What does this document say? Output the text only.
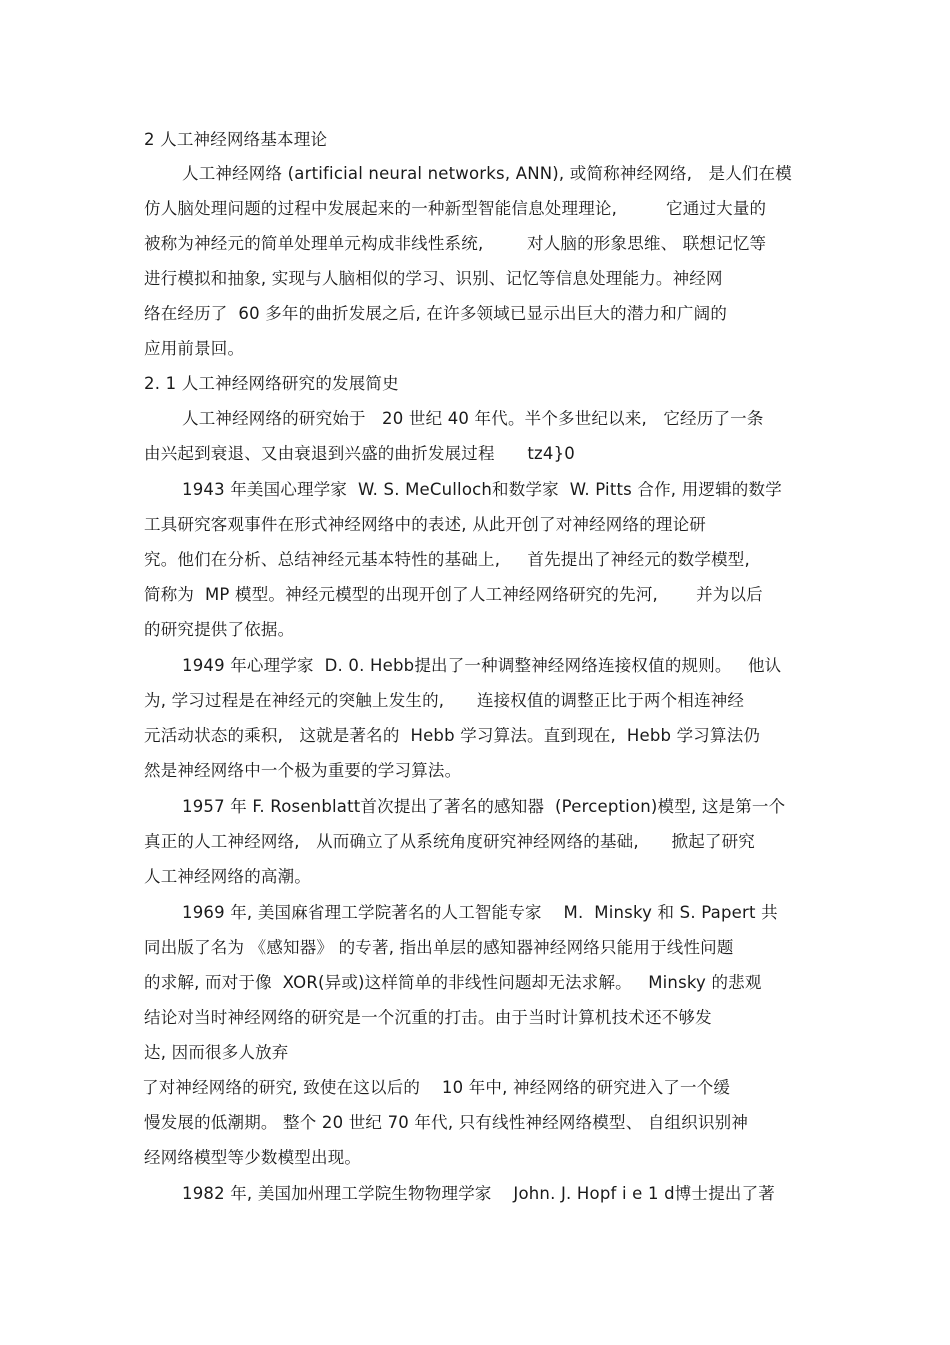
2 人工神经网络基本理论
人工神经网络 (artificial neural networks, ANN), 或简称神经网络,   是人们在模
仿人脑处理问题的过程中发展起来的一种新型智能信息处理理论,         它通过大量的
被称为神经元的简单处理单元构成非线性系统,        对人脑的形象思维、 联想记忆等
进行模拟和抽象, 实现与人脑相似的学习、识别、记忆等信息处理能力。神经网
络在经历了  60 多年的曲折发展之后, 在许多领域已显示出巨大的潜力和广阔的
应用前景回。
2. 1 人工神经网络研究的发展简史
人工神经网络的研究始于   20 世纪 40 年代。半个多世纪以来,   它经历了一条
由兴起到衰退、又由衰退到兴盛的曲折发展过程      tz4}0
1943 年美国心理学家  W. S. MeCulloch和数学家  W. Pitts 合作, 用逻辑的数学
工具研究客观事件在形式神经网络中的表述, 从此开创了对神经网络的理论研
究。他们在分析、总结神经元基本特性的基础上,     首先提出了神经元的数学模型,
简称为  MP 模型。神经元模型的出现开创了人工神经网络研究的先河,       并为以后
的研究提供了依据。
1949 年心理学家  D. 0. Hebb提出了一种调整神经网络连接权值的规则。   他认
为, 学习过程是在神经元的突触上发生的,      连接权值的调整正比于两个相连神经
元活动状态的乘积,   这就是著名的  Hebb 学习算法。直到现在,  Hebb 学习算法仍
然是神经网络中一个极为重要的学习算法。
1957 年 F. Rosenblatt首次提出了著名的感知器  (Perception)模型, 这是第一个
真正的人工神经网络,   从而确立了从系统角度研究神经网络的基础,      掀起了研究
人工神经网络的高潮。
1969 年, 美国麻省理工学院著名的人工智能专家    M.  Minsky 和 S. Papert 共
同出版了名为 《感知器》 的专著, 指出单层的感知器神经网络只能用于线性问题
的求解, 而对于像  XOR(异或)这样简单的非线性问题却无法求解。   Minsky 的悲观
结论对当时神经网络的研究是一个沉重的打击。由于当时计算机技术还不够发
达, 因而很多人放弃
了对神经网络的研究, 致使在这以后的    10 年中, 神经网络的研究进入了一个缓
慢发展的低潮期。 整个 20 世纪 70 年代, 只有线性神经网络模型、 自组织识别神
经网络模型等少数模型出现。
1982 年, 美国加州理工学院生物物理学家    John. J. Hopf i e 1 d博士提出了著
